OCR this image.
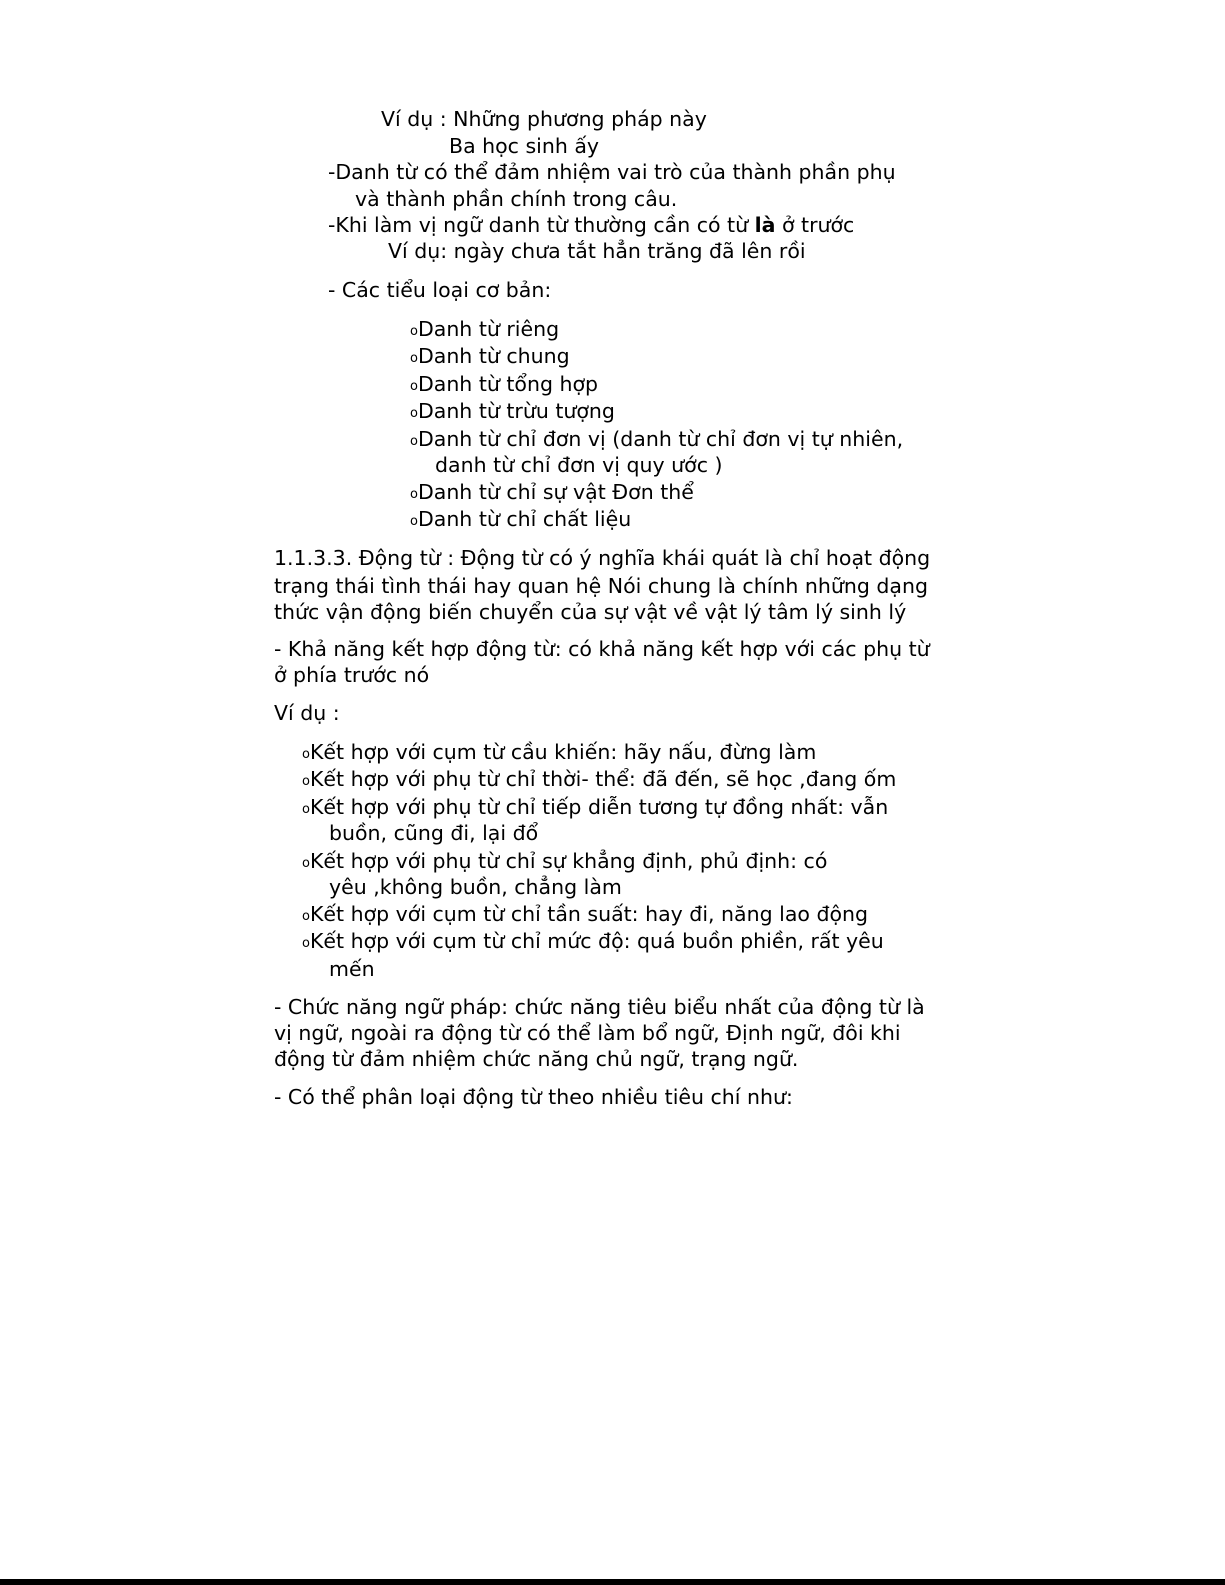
Ví dụ : Những phương pháp này

Ba học sinh ấy

-Danh từ có thể đảm nhiệm vai trò của thành phần phụ

và thành phần chính trong câu.

-Khi làm vị ngữ danh từ thường cần có từ là ở trước

Ví dụ: ngày chưa tắt hẳn trăng đã lên rồi

- Các tiểu loại cơ bản:

oDanh từ riêng

oDanh từ chung

oDanh từ tổng hợp

oDanh từ trừu tượng

oDanh từ chỉ đơn vị (danh từ chỉ đơn vị tự nhiên,

danh từ chỉ đơn vị quy ước )

oDanh từ chỉ sự vật Đơn thể

oDanh từ chỉ chất liệu

1.1.3.3. Động từ : Động từ có ý nghĩa khái quát là chỉ hoạt động

trạng thái tình thái hay quan hệ Nói chung là chính những dạng

thức vận động biến chuyển của sự vật về vật lý tâm lý sinh lý

- Khả năng kết hợp động từ: có khả năng kết hợp với các phụ từ

ở phía trước nó

Ví dụ :

oKết hợp với cụm từ cầu khiến: hãy nấu, đừng làm

oKết hợp với phụ từ chỉ thời- thể: đã đến, sẽ học ,đang ốm

oKết hợp với phụ từ chỉ tiếp diễn tương tự đồng nhất: vẫn

buồn, cũng đi, lại đổ

oKết hợp với phụ từ chỉ sự khẳng định, phủ định: có

yêu ,không buồn, chẳng làm

oKết hợp với cụm từ chỉ tần suất: hay đi, năng lao động

oKết hợp với cụm từ chỉ mức độ: quá buồn phiền, rất yêu

mến

- Chức năng ngữ pháp: chức năng tiêu biểu nhất của động từ là

vị ngữ, ngoài ra động từ có thể làm bổ ngữ, Định ngữ, đôi khi

động từ đảm nhiệm chức năng chủ ngữ, trạng ngữ.

- Có thể phân loại động từ theo nhiều tiêu chí như:
